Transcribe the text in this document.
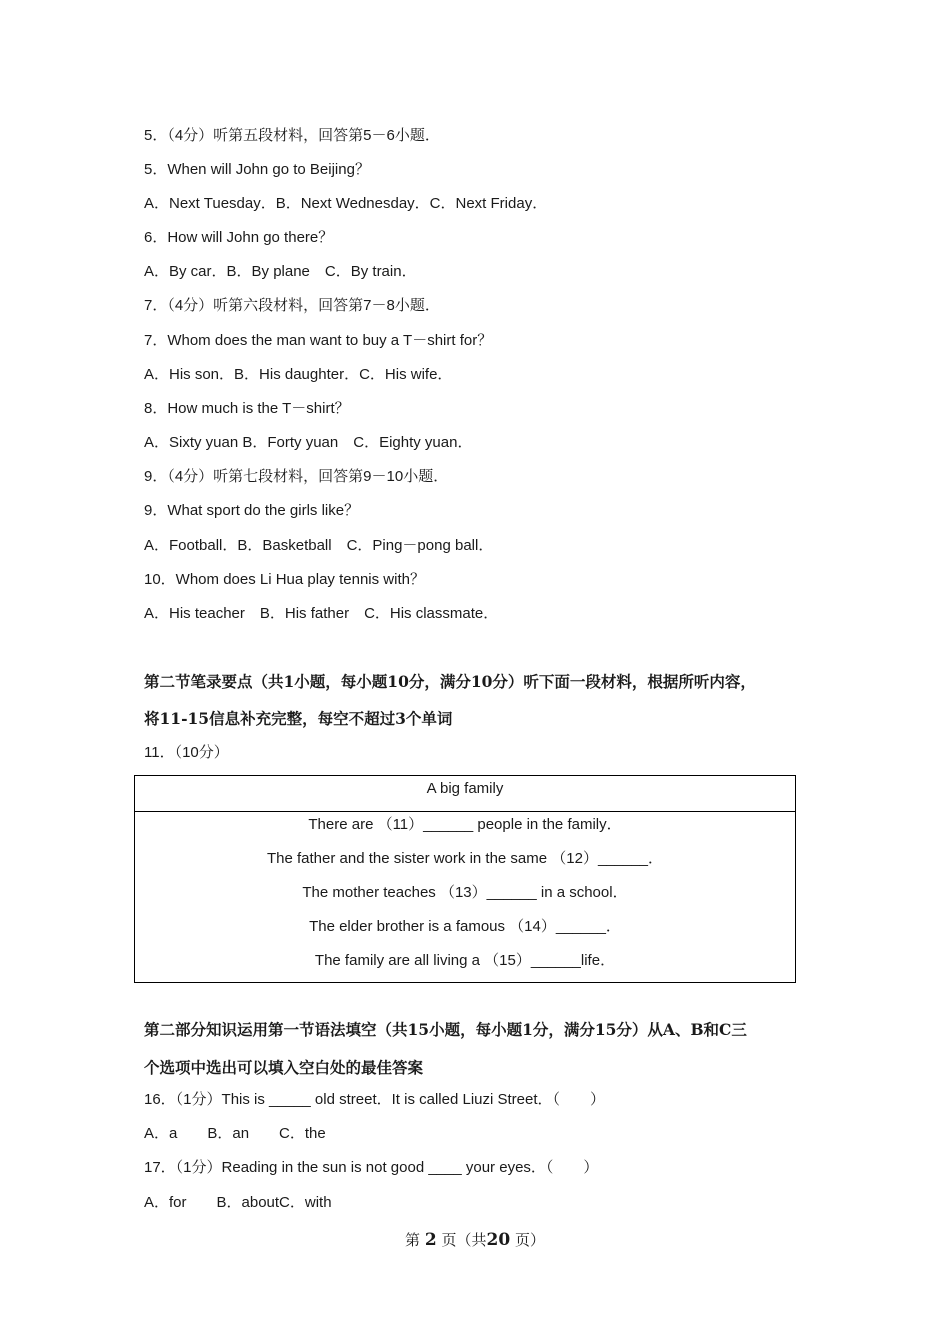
5．（4分）听第五段材料，回答第5－6小题．
5．When will John go to Beijing？
A．Next Tuesday．B．Next Wednesday．C．Next Friday．
6．How will John go there？
A．By car．B．By plane　C．By train．
7．（4分）听第六段材料，回答第7－8小题．
7．Whom does the man want to buy a T－shirt for？
A．His son．B．His daughter．C．His wife．
8．How much is the T－shirt？
A．Sixty yuan B．Forty yuan　C．Eighty yuan．
9．（4分）听第七段材料，回答第9－10小题．
9．What sport do the girls like？
A．Football．B．Basketball　C．Ping－pong ball．
10．Whom does Li Hua play tennis with？
A．His teacher　B．His father　C．His classmate．
第二节笔录要点（共1小题，每小题10分，满分10分）听下面一段材料，根据所听内容，
将11-15信息补充完整，每空不超过3个单词
11．（10分）
A big family
There are （11）______ people in the family．
The father and the sister work in the same （12）______．
The mother teaches （13）______ in a school．
The elder brother is a famous （14）______．
The family are all living a （15）______life．
第二部分知识运用第一节语法填空（共15小题，每小题1分，满分15分）从A、B和C三
个选项中选出可以填入空白处的最佳答案
16．（1分）This is _____ old street．It is called Liuzi Street．（　　）
A．a　　B．an　　C．the
17．（1分）Reading in the sun is not good ____ your eyes．（　　）
A．for　　B．aboutC．with
第 2 页（共20 页）
